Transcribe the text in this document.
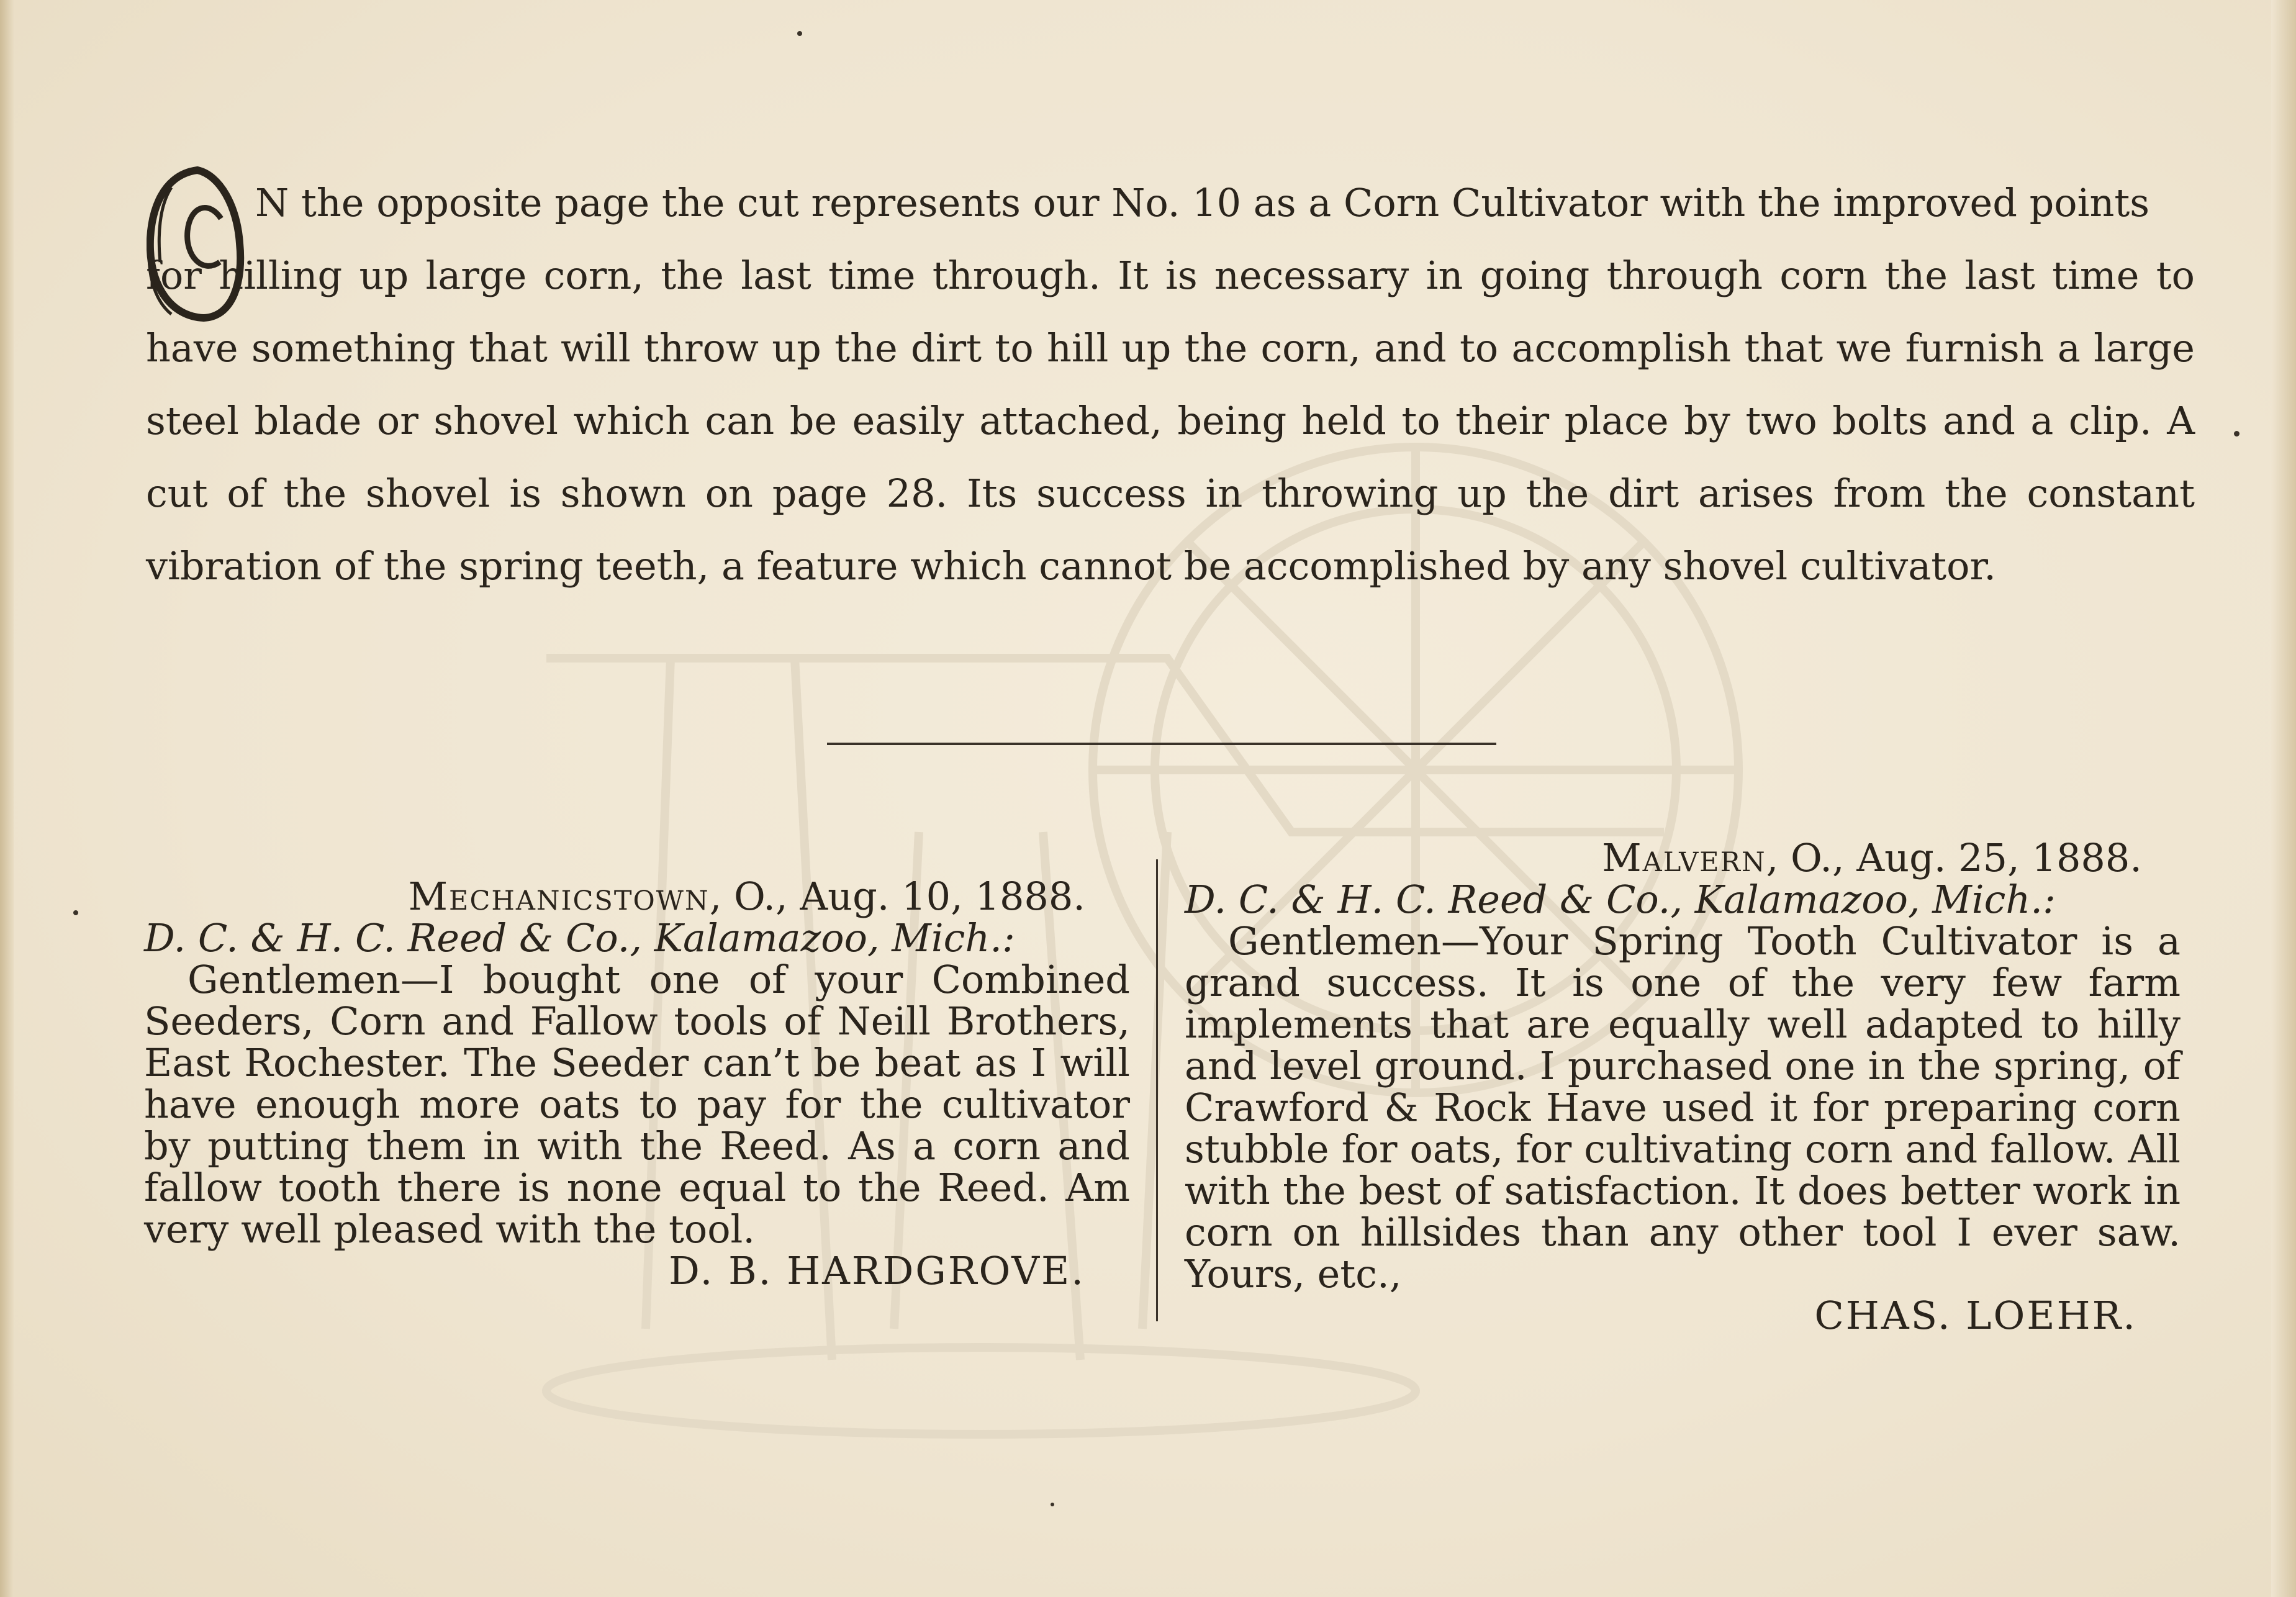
N the opposite page the cut represents our No. 10 as a Corn Cultivator with the improved points
for hilling up large corn, the last time through. It is necessary in going through corn the last time to have something that will throw up the dirt to hill up the corn, and to accomplish that we furnish a large steel blade or shovel which can be easily attached, being held to their place by two bolts and a clip. A cut of the shovel is shown on page 28. Its success in throwing up the dirt arises from the constant vibration of the spring teeth, a feature which cannot be accomplished by any shovel cultivator.

Mechanicstown, O., Aug. 10, 1888.
D. C. & H. C. Reed & Co., Kalamazoo, Mich.:
Gentlemen—I bought one of your Combined Seeders, Corn and Fallow tools of Neill Brothers, East Rochester. The Seeder can’t be beat as I will have enough more oats to pay for the cultivator by putting them in with the Reed. As a corn and fallow tooth there is none equal to the Reed. Am very well pleased with the tool.
D. B. HARDGROVE.
Malvern, O., Aug. 25, 1888.
D. C. & H. C. Reed & Co., Kalamazoo, Mich.:
Gentlemen—Your Spring Tooth Cultivator is a grand success. It is one of the very few farm implements that are equally well adapted to hilly and level ground. I purchased one in the spring, of Crawford & Rock Have used it for preparing corn stubble for oats, for cultivating corn and fallow. All with the best of satisfaction. It does better work in corn on hillsides than any other tool I ever saw. Yours, etc.,
CHAS. LOEHR.
